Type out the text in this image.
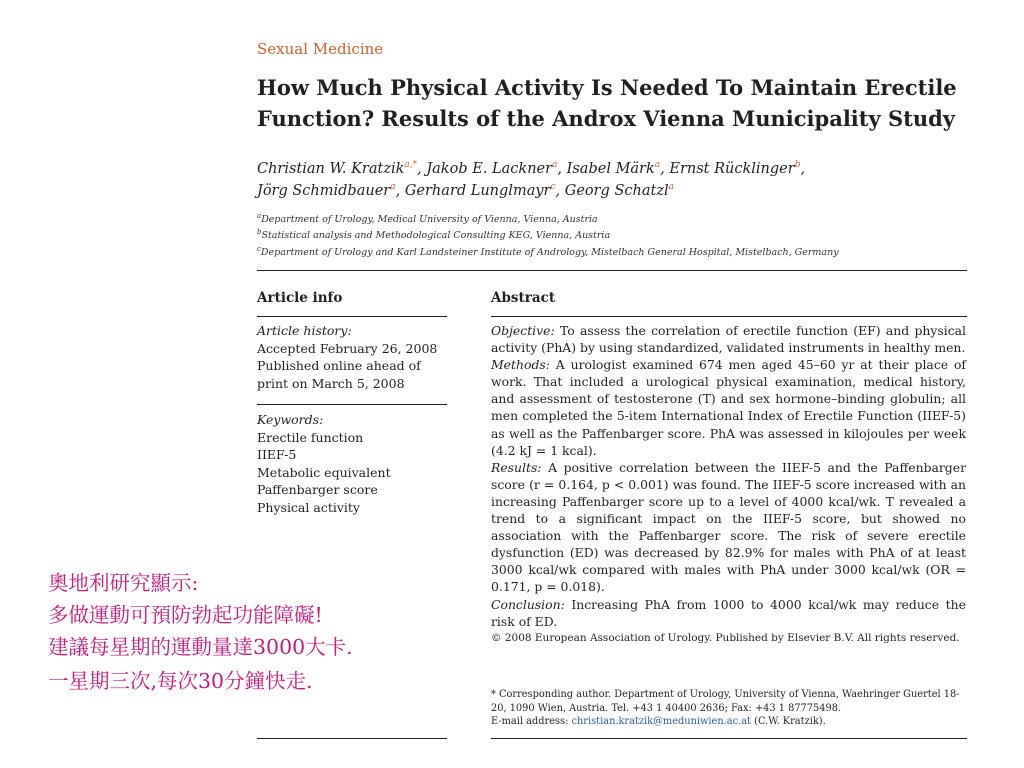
Sexual Medicine
How Much Physical Activity Is Needed To Maintain Erectile Function? Results of the Androx Vienna Municipality Study
Christian W. Kratzik$^{a,*}$, Jakob E. Lackner$^a$, Isabel Märk$^a$, Ernst Rücklinger$^b$,
Jörg Schmidbauer$^a$, Gerhard Lunglmayr$^c$, Georg Schatzl$^a$
$^a$Department of Urology, Medical University of Vienna, Vienna, Austria
$^b$Statistical analysis and Methodological Consulting KEG, Vienna, Austria
$^c$Department of Urology and Karl Landsteiner Institute of Andrology, Mistelbach General Hospital, Mistelbach, Germany
Article info	Abstract
Article history:
Accepted February 26, 2008
Published online ahead of
print on March 5, 2008
Keywords:
Erectile function
IIEF-5
Metabolic equivalent
Paffenbarger score
Physical activity

Objective: To assess the correlation of erectile function (EF) and physical activity (PhA) by using standardized, validated instruments in healthy men.

Methods: A urologist examined 674 men aged 45–60 yr at their place of work. That included a urological physical examination, medical history, and assessment of testosterone (T) and sex hormone–binding globulin; all men completed the 5-item International Index of Erectile Function (IIEF-5) as well as the Paffenbarger score. PhA was assessed in kilojoules per week (4.2 kJ = 1 kcal).

Results: A positive correlation between the IIEF-5 and the Paffenbarger score (r = 0.164, p < 0.001) was found. The IIEF-5 score increased with an increasing Paffenbarger score up to a level of 4000 kcal/wk. T revealed a trend to a significant impact on the IIEF-5 score, but showed no association with the Paffenbarger score. The risk of severe erectile dysfunction (ED) was decreased by 82.9% for males with PhA of at least 3000 kcal/wk compared with males with PhA under 3000 kcal/wk (OR = 0.171, p = 0.018).

Conclusion: Increasing PhA from 1000 to 4000 kcal/wk may reduce the risk of ED.

© 2008 European Association of Urology. Published by Elsevier B.V. All rights reserved.

* Corresponding author. Department of Urology, University of Vienna, Waehringer Guertel 18-20, 1090 Wien, Austria. Tel. +43 1 40400 2636; Fax: +43 1 87775498.

E-mail address: christian.kratzik@meduniwien.ac.at (C.W. Kratzik).

奧地利研究顯示:
多做運動可預防勃起功能障礙!
建議每星期的運動量達3000大卡.
一星期三次,每次30分鐘快走.
